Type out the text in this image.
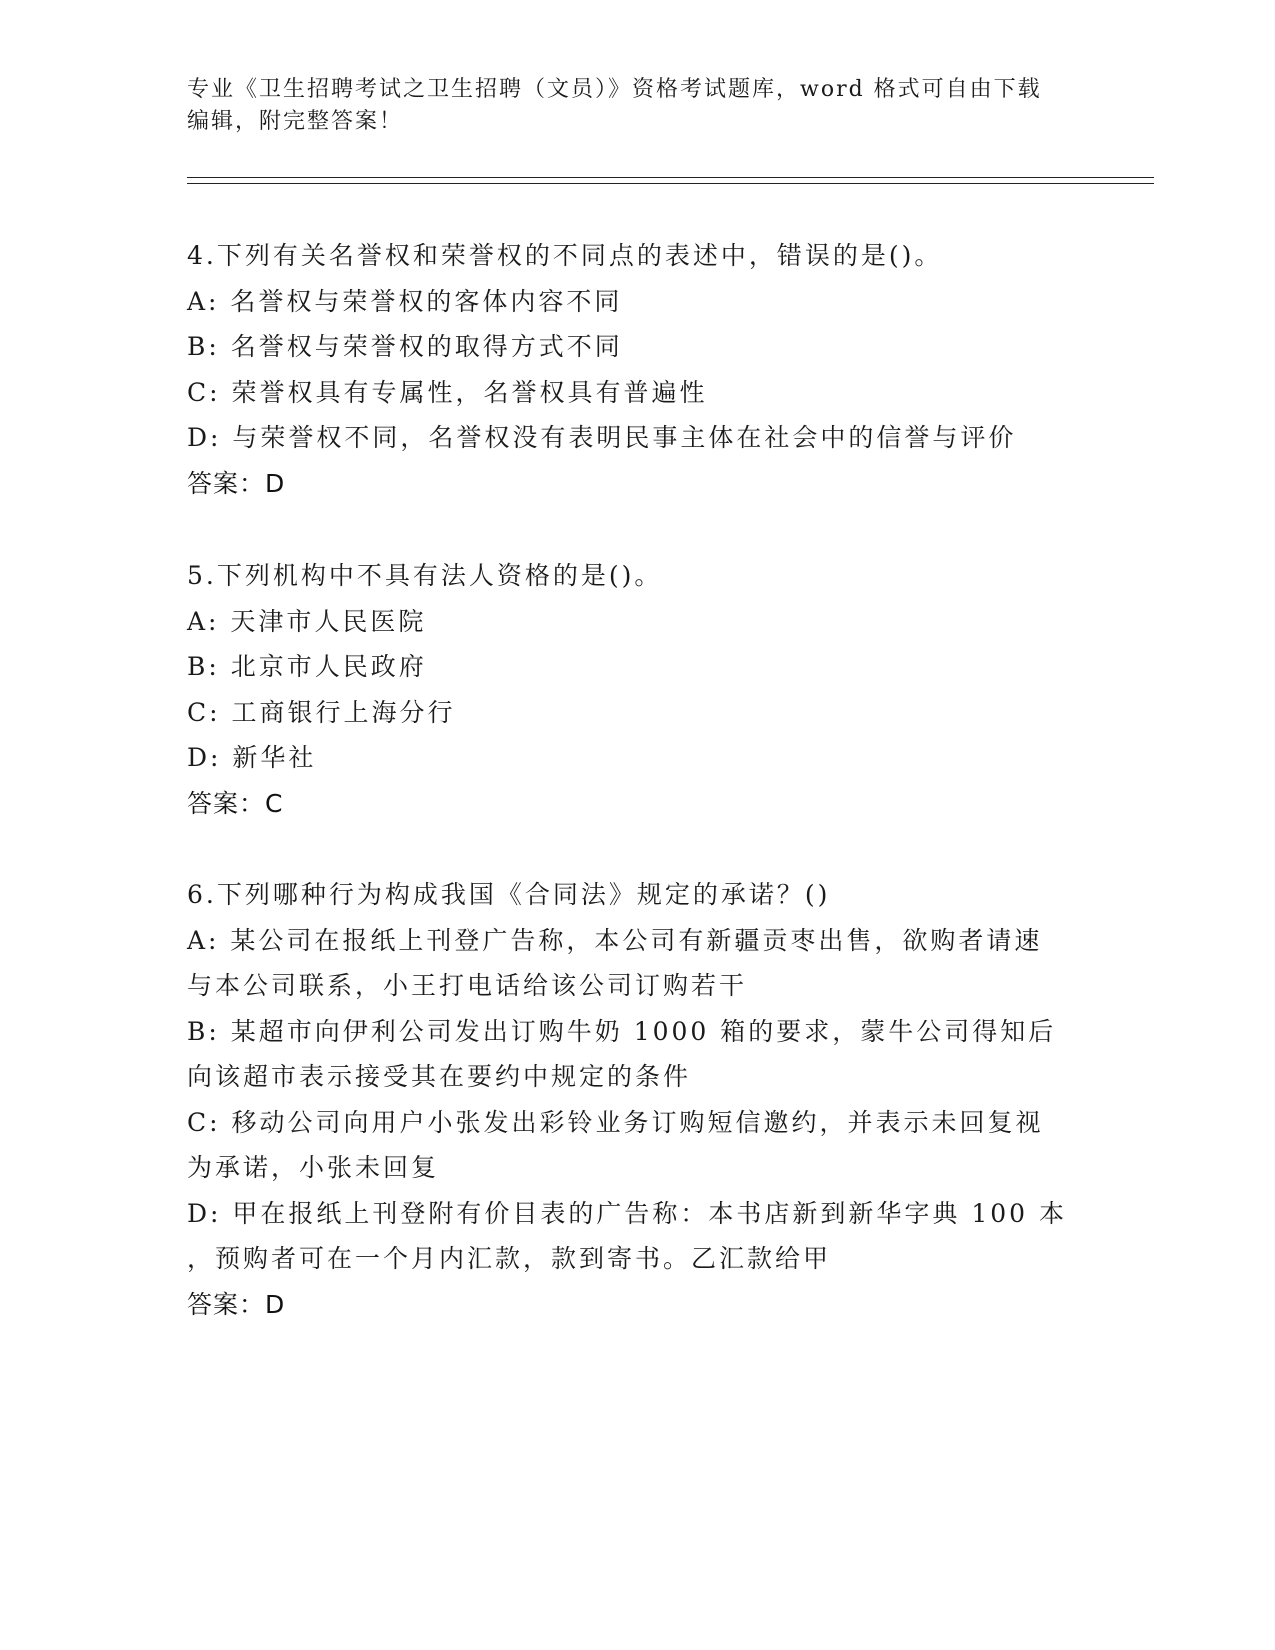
专业《卫生招聘考试之卫生招聘（文员）》资格考试题库，word 格式可自由下载
编辑，附完整答案！
4.下列有关名誉权和荣誉权的不同点的表述中，错误的是()。
A: 名誉权与荣誉权的客体内容不同
B: 名誉权与荣誉权的取得方式不同
C: 荣誉权具有专属性，名誉权具有普遍性
D: 与荣誉权不同，名誉权没有表明民事主体在社会中的信誉与评价
答案：D
5.下列机构中不具有法人资格的是()。
A: 天津市人民医院
B: 北京市人民政府
C: 工商银行上海分行
D: 新华社
答案：C
6.下列哪种行为构成我国《合同法》规定的承诺？()
A: 某公司在报纸上刊登广告称，本公司有新疆贡枣出售，欲购者请速
与本公司联系，小王打电话给该公司订购若干
B: 某超市向伊利公司发出订购牛奶 1000 箱的要求，蒙牛公司得知后
向该超市表示接受其在要约中规定的条件
C: 移动公司向用户小张发出彩铃业务订购短信邀约，并表示未回复视
为承诺，小张未回复
D: 甲在报纸上刊登附有价目表的广告称：本书店新到新华字典 100 本
，预购者可在一个月内汇款，款到寄书。乙汇款给甲
答案：D
